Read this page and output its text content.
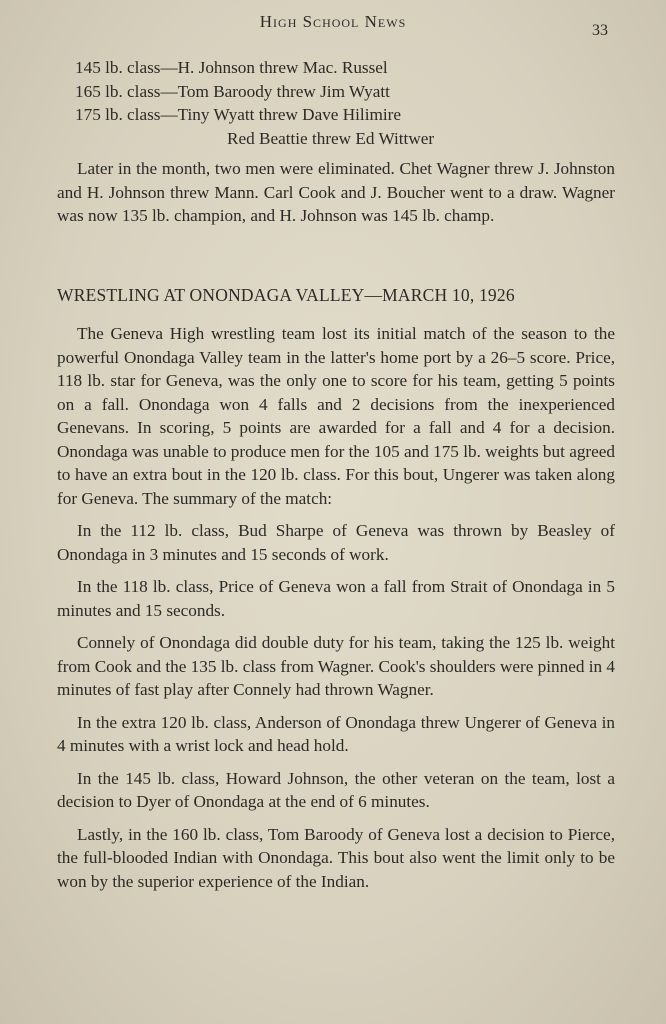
High School News	33
145 lb. class—H. Johnson threw Mac. Russel
165 lb. class—Tom Baroody threw Jim Wyatt
175 lb. class—Tiny Wyatt threw Dave Hilimire
Red Beattie threw Ed Wittwer

Later in the month, two men were eliminated. Chet Wagner threw J. Johnston and H. Johnson threw Mann. Carl Cook and J. Boucher went to a draw. Wagner was now 135 lb. champion, and H. Johnson was 145 lb. champ.

WRESTLING AT ONONDAGA VALLEY—MARCH 10, 1926

The Geneva High wrestling team lost its initial match of the season to the powerful Onondaga Valley team in the latter's home port by a 26–5 score. Price, 118 lb. star for Geneva, was the only one to score for his team, getting 5 points on a fall. Onondaga won 4 falls and 2 decisions from the inexperienced Genevans. In scoring, 5 points are awarded for a fall and 4 for a decision. Onondaga was unable to produce men for the 105 and 175 lb. weights but agreed to have an extra bout in the 120 lb. class. For this bout, Ungerer was taken along for Geneva. The summary of the match:

In the 112 lb. class, Bud Sharpe of Geneva was thrown by Beasley of Onondaga in 3 minutes and 15 seconds of work.

In the 118 lb. class, Price of Geneva won a fall from Strait of Onondaga in 5 minutes and 15 seconds.

Connely of Onondaga did double duty for his team, taking the 125 lb. weight from Cook and the 135 lb. class from Wagner. Cook's shoulders were pinned in 4 minutes of fast play after Connely had thrown Wagner.

In the extra 120 lb. class, Anderson of Onondaga threw Ungerer of Geneva in 4 minutes with a wrist lock and head hold.

In the 145 lb. class, Howard Johnson, the other veteran on the team, lost a decision to Dyer of Onondaga at the end of 6 minutes.

Lastly, in the 160 lb. class, Tom Baroody of Geneva lost a decision to Pierce, the full-blooded Indian with Onondaga. This bout also went the limit only to be won by the superior experience of the Indian.
